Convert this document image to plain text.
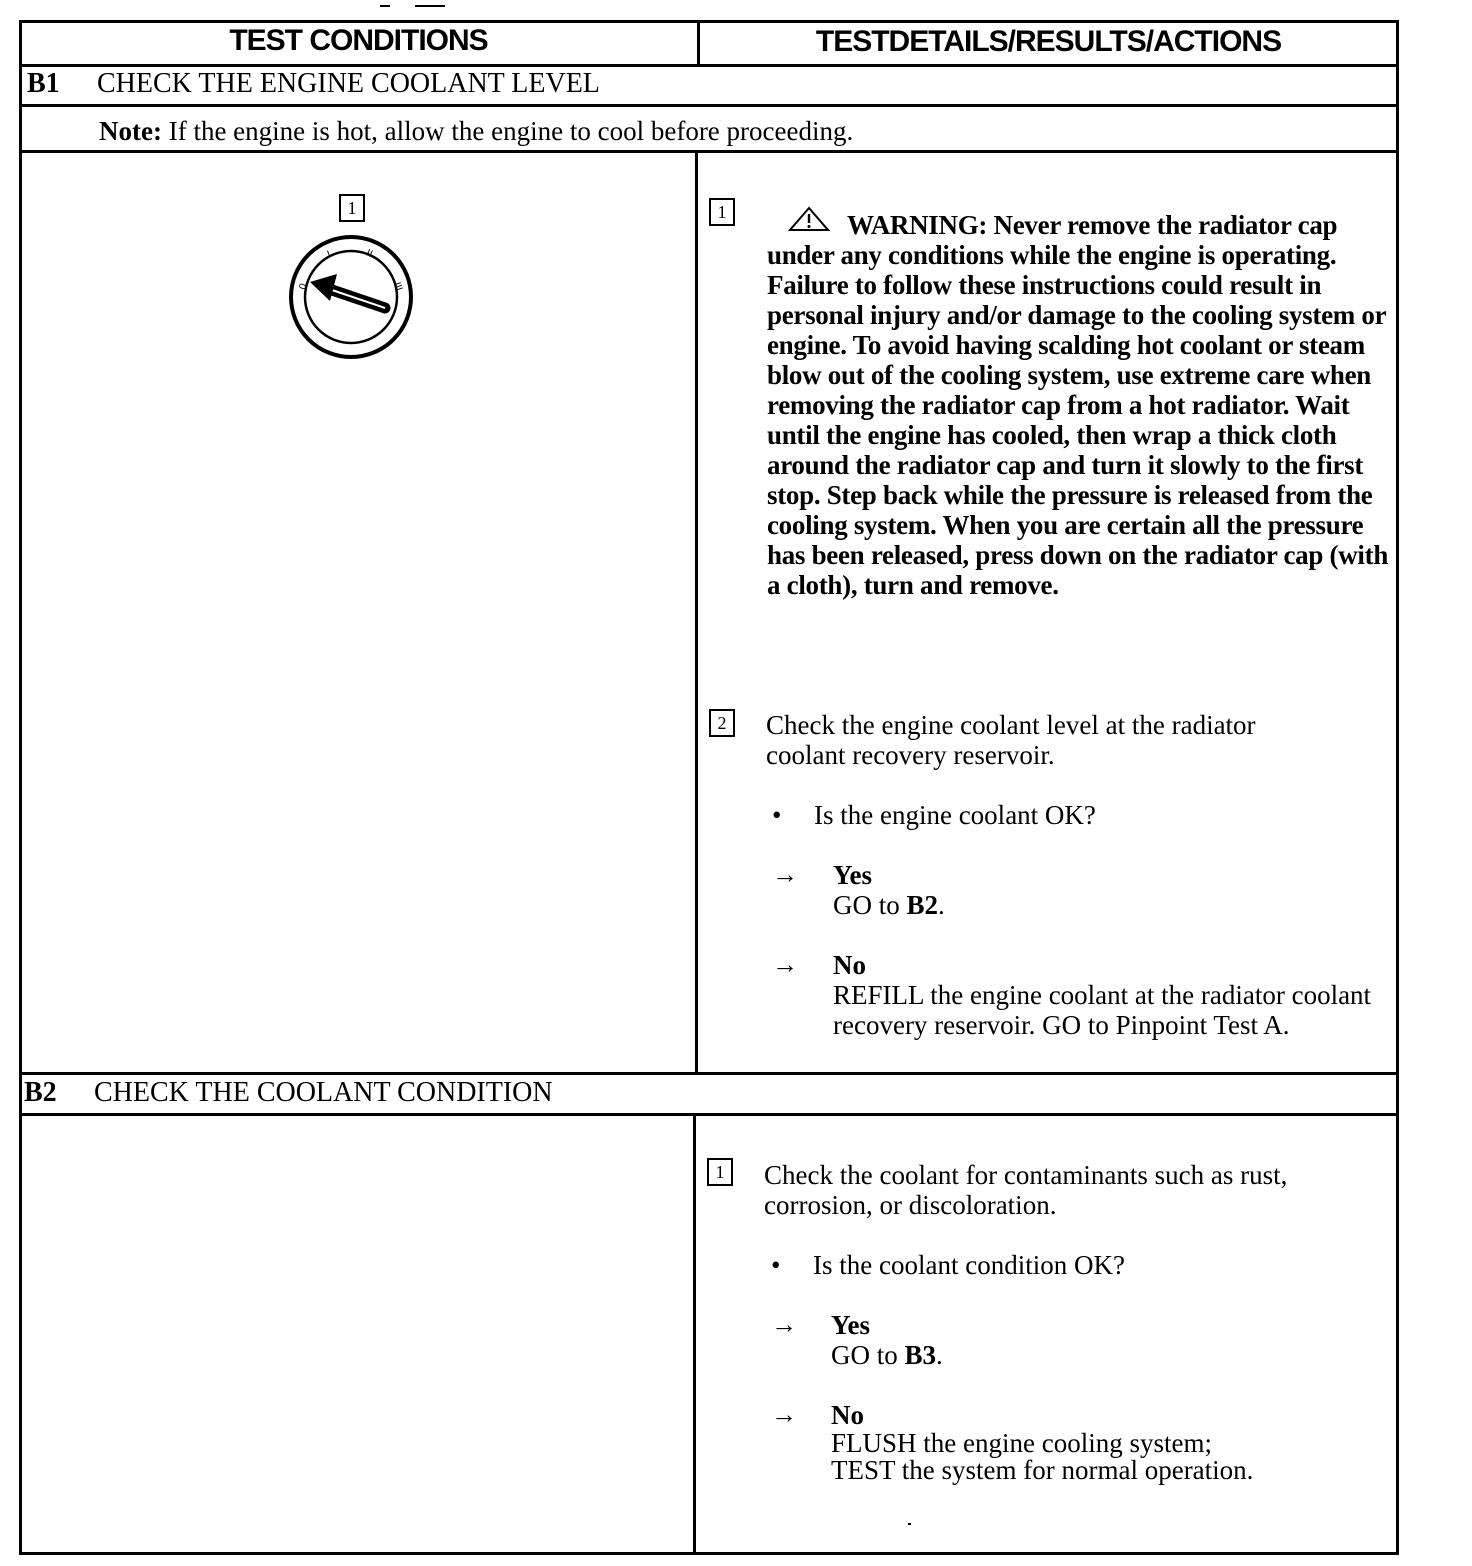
TEST CONDITIONS	TESTDETAILS/RESULTS/ACTIONS
B1 CHECK THE ENGINE COOLANT LEVEL
Note: If the engine is hot, allow the engine to cool before proceeding.
1
0
I	II
III
1	WARNING: Never remove the radiator cap under any conditions while the engine is operating. Failure to follow these instructions could result in personal injury and/or damage to the cooling system or engine. To avoid having scalding hot coolant or steam blow out of the cooling system, use extreme care when removing the radiator cap from a hot radiator. Wait until the engine has cooled, then wrap a thick cloth around the radiator cap and turn it slowly to the first stop. Step back while the pressure is released from the cooling system. When you are certain all the pressure has been released, press down on the radiator cap (with a cloth), turn and remove.
2	Check the engine coolant level at the radiator coolant recovery reservoir.
• Is the engine coolant OK?
→ Yes
GO to B2.
→ No
REFILL the engine coolant at the radiator coolant recovery reservoir. GO to Pinpoint Test A.
B2 CHECK THE COOLANT CONDITION
1	Check the coolant for contaminants such as rust, corrosion, or discoloration.
• Is the coolant condition OK?
→ Yes
GO to B3.
→ No
FLUSH the engine cooling system;
TEST the system for normal operation.
